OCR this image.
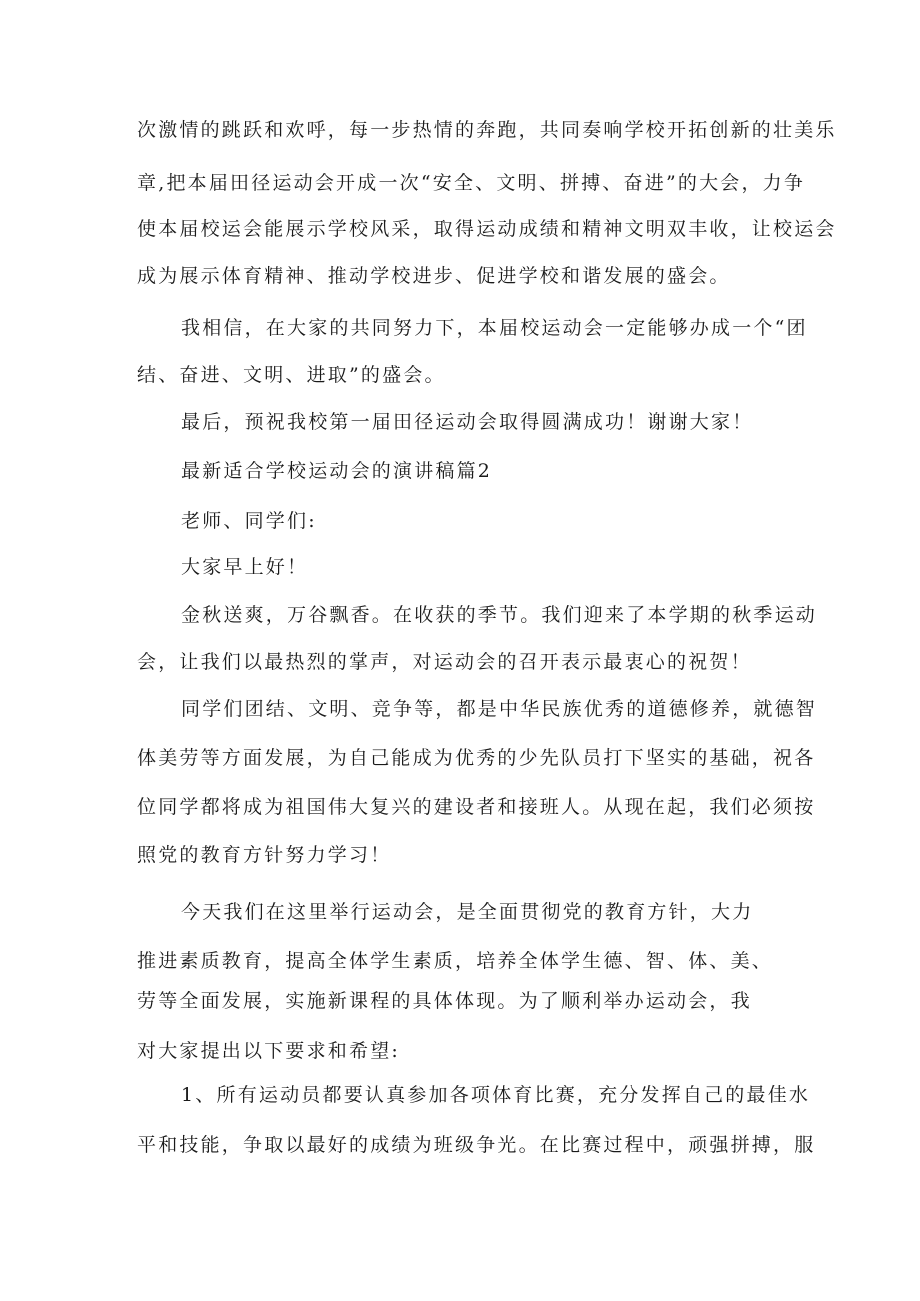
次激情的跳跃和欢呼，每一步热情的奔跑，共同奏响学校开拓创新的壮美乐

章,把本届田径运动会开成一次“安全、文明、拼搏、奋进”的大会，力争

使本届校运会能展示学校风采，取得运动成绩和精神文明双丰收，让校运会

成为展示体育精神、推动学校进步、促进学校和谐发展的盛会。

我相信，在大家的共同努力下，本届校运动会一定能够办成一个“团

结、奋进、文明、进取”的盛会。

最后，预祝我校第一届田径运动会取得圆满成功！谢谢大家！

最新适合学校运动会的演讲稿篇2

老师、同学们:

大家早上好！

金秋送爽，万谷飘香。在收获的季节。我们迎来了本学期的秋季运动

会，让我们以最热烈的掌声，对运动会的召开表示最衷心的祝贺！

同学们团结、文明、竞争等，都是中华民族优秀的道德修养，就德智

体美劳等方面发展，为自己能成为优秀的少先队员打下坚实的基础，祝各

位同学都将成为祖国伟大复兴的建设者和接班人。从现在起，我们必须按

照党的教育方针努力学习！

今天我们在这里举行运动会，是全面贯彻党的教育方针，大力

推进素质教育，提高全体学生素质，培养全体学生德、智、体、美、

劳等全面发展，实施新课程的具体体现。为了顺利举办运动会，我

对大家提出以下要求和希望:

1、所有运动员都要认真参加各项体育比赛，充分发挥自己的最佳水

平和技能，争取以最好的成绩为班级争光。在比赛过程中，顽强拼搏，服
